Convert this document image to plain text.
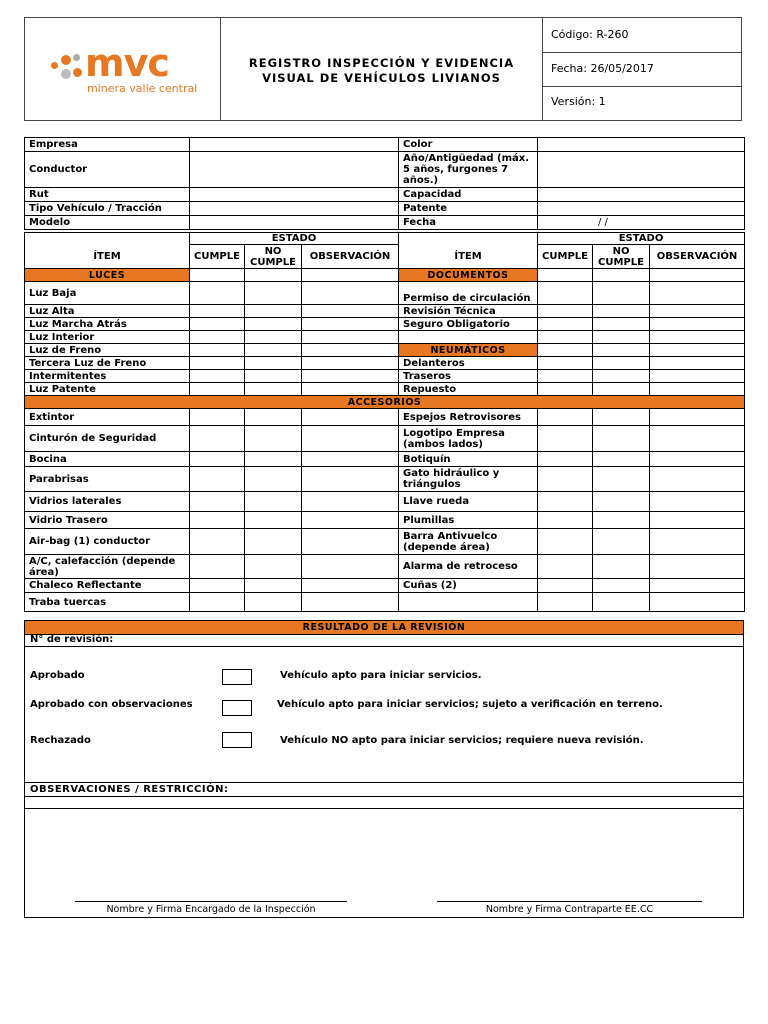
mvc
minera valle central
REGISTRO INSPECCIÓN Y EVIDENCIA
VISUAL DE VEHÍCULOS LIVIANOS
Código: R-260
Fecha: 26/05/2017
Versión: 1
Empresa		Color	
Conductor		Año/Antigüedad (máx. 5 años, furgones 7 años.)	
Rut		Capacidad	
Tipo Vehículo / Tracción		Patente	
Modelo		Fecha	/ /
	ESTADO				ESTADO		
ÍTEM	CUMPLE	NO CUMPLE	OBSERVACIÓN	ÍTEM	CUMPLE	NO CUMPLE	OBSERVACIÓN
LUCES				DOCUMENTOS			
Luz Baja				Permiso de circulación			
Luz Alta				Revisión Técnica			
Luz Marcha Atrás				Seguro Obligatorio			
Luz Interior							
Luz de Freno				NEUMÁTICOS			
Tercera Luz de Freno				Delanteros			
Intermitentes				Traseros			
Luz Patente				Repuesto			
ACCESORIOS							
Extintor				Espejos Retrovisores			
Cinturón de Seguridad				Logotipo Empresa (ambos lados)			
Bocina				Botiquín			
Parabrisas				Gato hidráulico y triángulos			
Vidrios laterales				Llave rueda			
Vidrio Trasero				Plumillas			
Air-bag (1) conductor				Barra Antivuelco (depende área)			
A/C, calefacción (depende área)				Alarma de retroceso			
Chaleco Reflectante				Cuñas (2)			
Traba tuercas							
RESULTADO DE LA REVISIÓN
N° de revisión:
Aprobado	Vehículo apto para iniciar servicios.
Aprobado con observaciones	Vehículo apto para iniciar servicios; sujeto a verificación en terreno.
Rechazado	Vehículo NO apto para iniciar servicios; requiere nueva revisión.
OBSERVACIONES / RESTRICCIÓN:
Nombre y Firma Encargado de la Inspección	Nombre y Firma Contraparte EE.CC
